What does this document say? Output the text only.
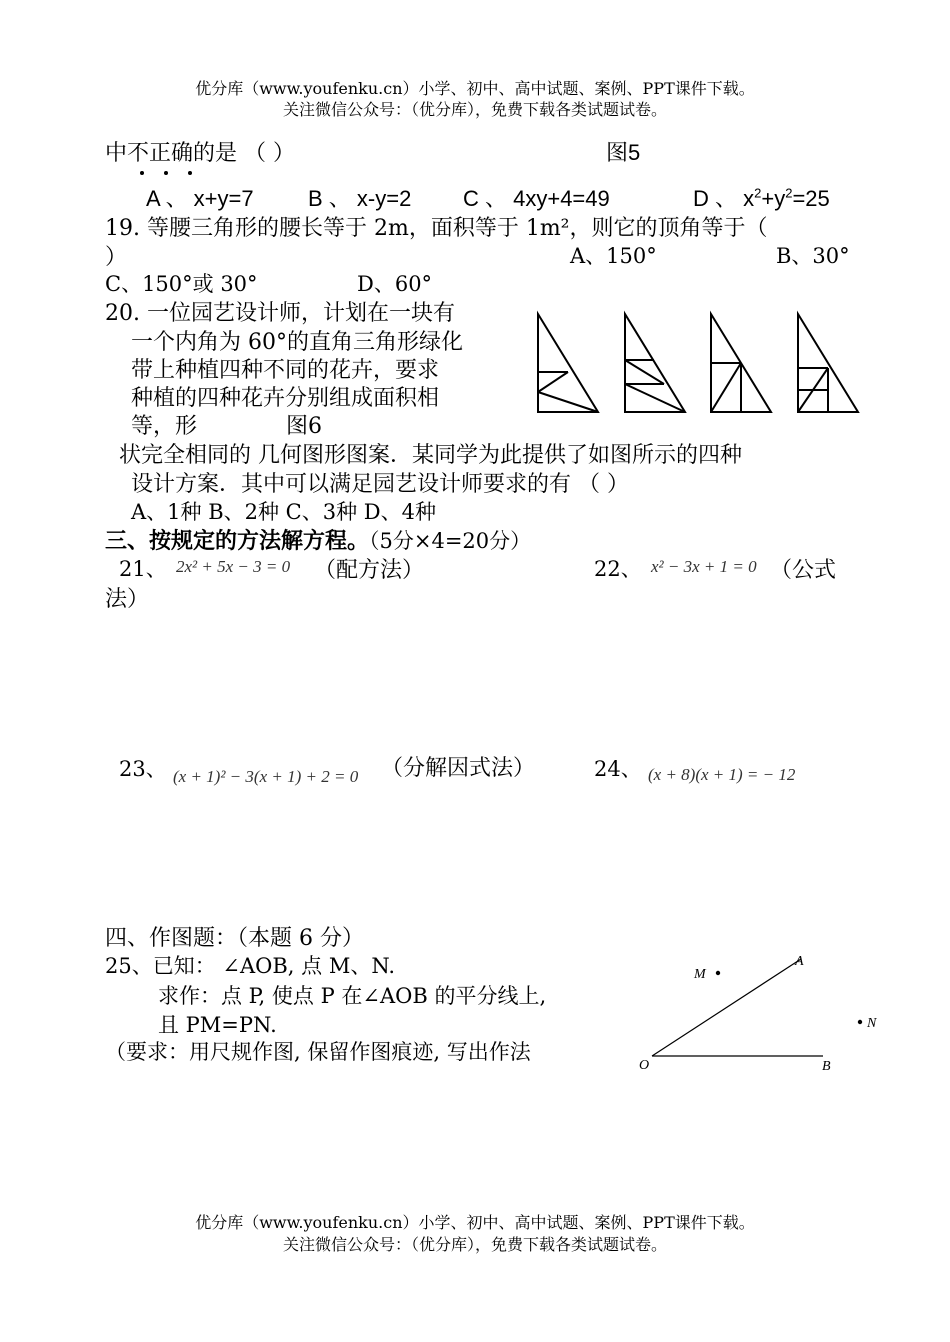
优分库（www.youfenku.cn）小学、初中、高中试题、案例、PPT课件下载。
关注微信公众号：（优分库），免费下载各类试题试卷。
中不正确的是 （ ）	图5
A 、 x+y=7 B 、 x-y=2 C 、 4xy+4=49	D 、 $x^2+y^2=25$
19. 等腰三角形的腰长等于 2m，面积等于 1m²，则它的顶角等于（
）	A、150°	B、30°
C、150°或 30°	D、60°
20. 一位园艺设计师，计划在一块有
一个内角为 60°的直角三角形绿化
带上种植四种不同的花卉，要求
种植的四种花卉分别组成面积相
等，形	图6
状完全相同的 几何图形图案．某同学为此提供了如图所示的四种
设计方案．其中可以满足园艺设计师要求的有 （ ）
A、1种 B、2种 C、3种 D、4种
三、按规定的方法解方程。（5分×4=20分）
21、 2x² + 5x − 3 = 0 （配方法）	22、 x² − 3x + 1 = 0 （公式
法）
23、 (x + 1)² − 3(x + 1) + 2 = 0 （分解因式法）	24、 (x + 8)(x + 1) = − 12
四、作图题：（本题 6 分）
25、已知： ∠AOB, 点 M、N.
求作：点 P, 使点 P 在∠AOB 的平分线上,
且 PM=PN.
（要求：用尺规作图, 保留作图痕迹, 写出作法
M
A
N
O	B
优分库（www.youfenku.cn）小学、初中、高中试题、案例、PPT课件下载。
关注微信公众号：（优分库），免费下载各类试题试卷。
